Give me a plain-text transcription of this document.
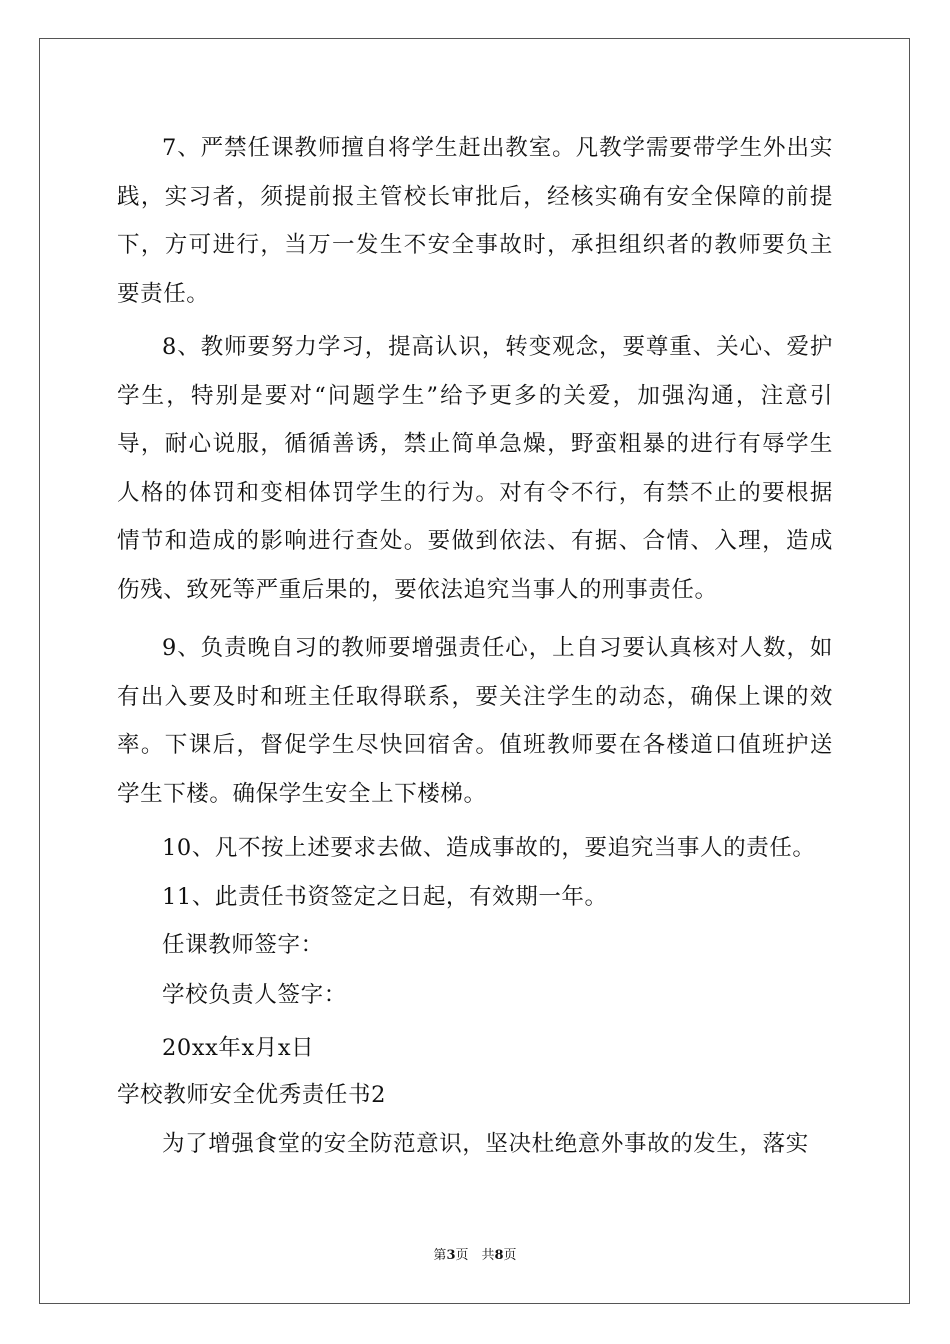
7、严禁任课教师擅自将学生赶出教室。凡教学需要带学生外出实践，实习者，须提前报主管校长审批后，经核实确有安全保障的前提下，方可进行，当万一发生不安全事故时，承担组织者的教师要负主要责任。

8、教师要努力学习，提高认识，转变观念，要尊重、关心、爱护学生，特别是要对“问题学生”给予更多的关爱，加强沟通，注意引导，耐心说服，循循善诱，禁止简单急燥，野蛮粗暴的进行有辱学生人格的体罚和变相体罚学生的行为。对有令不行，有禁不止的要根据情节和造成的影响进行查处。要做到依法、有据、合情、入理，造成伤残、致死等严重后果的，要依法追究当事人的刑事责任。

9、负责晚自习的教师要增强责任心，上自习要认真核对人数，如有出入要及时和班主任取得联系，要关注学生的动态，确保上课的效率。下课后，督促学生尽快回宿舍。值班教师要在各楼道口值班护送学生下楼。确保学生安全上下楼梯。

10、凡不按上述要求去做、造成事故的，要追究当事人的责任。

11、此责任书资签定之日起，有效期一年。

任课教师签字：

学校负责人签字：

20xx年x月x日

学校教师安全优秀责任书2

为了增强食堂的安全防范意识，坚决杜绝意外事故的发生，落实

第3页　共8页
